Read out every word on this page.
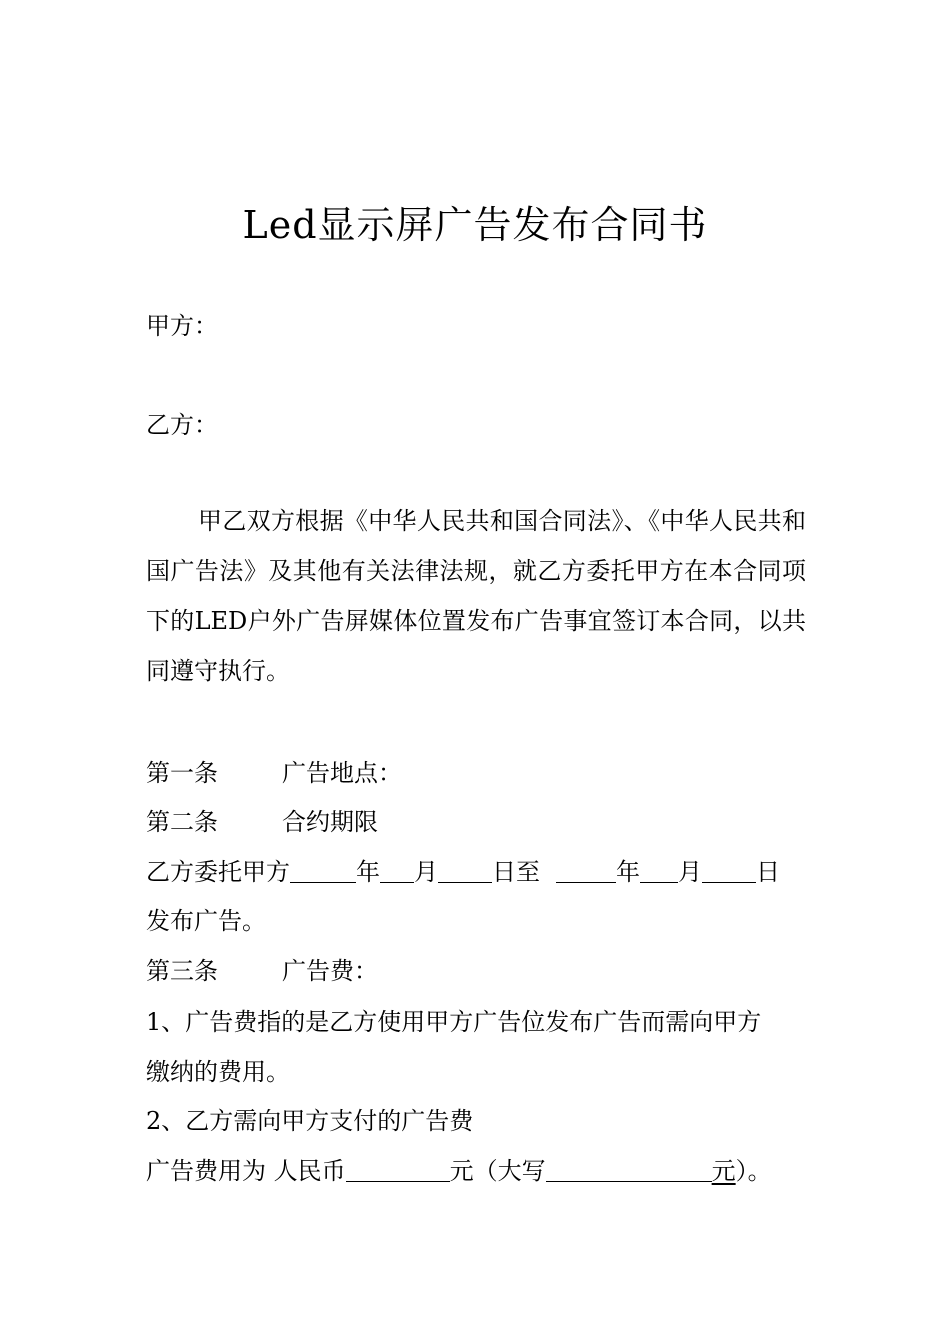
Led显示屏广告发布合同书
甲方：
乙方：
甲乙双方根据《中华人民共和国合同法》、《中华人民共和国广告法》及其他有关法律法规，就乙方委托甲方在本合同项下的LED户外广告屏媒体位置发布广告事宜签订本合同，以共同遵守执行。
第一条	广告地点：
第二条	合约期限
乙方委托甲方	年 月 日至	年 月 日
发布广告。
第三条	广告费：
1、广告费指的是乙方使用甲方广告位发布广告而需向甲方
缴纳的费用。
2、乙方需向甲方支付的广告费
广告费用为 人民币	元（大写	元）。
